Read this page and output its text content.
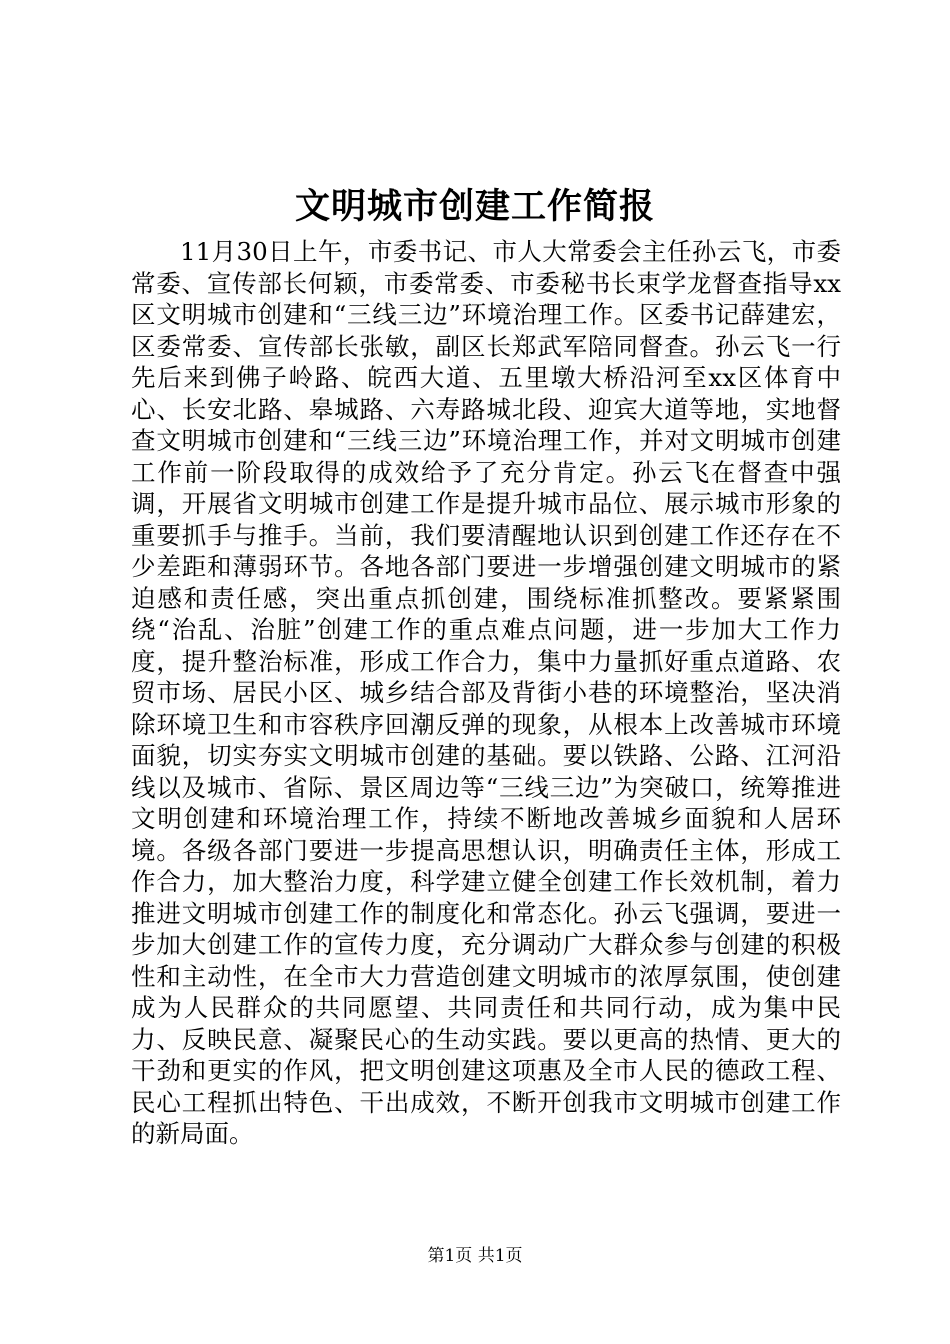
文明城市创建工作简报

11月30日上午，市委书记、市人大常委会主任孙云飞，市委常委、宣传部长何颖，市委常委、市委秘书长束学龙督查指导xx区文明城市创建和“三线三边”环境治理工作。区委书记薛建宏，区委常委、宣传部长张敏，副区长郑武军陪同督查。孙云飞一行先后来到佛子岭路、皖西大道、五里墩大桥沿河至xx区体育中心、长安北路、皋城路、六寿路城北段、迎宾大道等地，实地督查文明城市创建和“三线三边”环境治理工作，并对文明城市创建工作前一阶段取得的成效给予了充分肯定。孙云飞在督查中强调，开展省文明城市创建工作是提升城市品位、展示城市形象的重要抓手与推手。当前，我们要清醒地认识到创建工作还存在不少差距和薄弱环节。各地各部门要进一步增强创建文明城市的紧迫感和责任感，突出重点抓创建，围绕标准抓整改。要紧紧围绕“治乱、治脏”创建工作的重点难点问题，进一步加大工作力度，提升整治标准，形成工作合力，集中力量抓好重点道路、农贸市场、居民小区、城乡结合部及背街小巷的环境整治，坚决消除环境卫生和市容秩序回潮反弹的现象，从根本上改善城市环境面貌，切实夯实文明城市创建的基础。要以铁路、公路、江河沿线以及城市、省际、景区周边等“三线三边”为突破口，统筹推进文明创建和环境治理工作，持续不断地改善城乡面貌和人居环境。各级各部门要进一步提高思想认识，明确责任主体，形成工作合力，加大整治力度，科学建立健全创建工作长效机制，着力推进文明城市创建工作的制度化和常态化。孙云飞强调，要进一步加大创建工作的宣传力度，充分调动广大群众参与创建的积极性和主动性，在全市大力营造创建文明城市的浓厚氛围，使创建成为人民群众的共同愿望、共同责任和共同行动，成为集中民力、反映民意、凝聚民心的生动实践。要以更高的热情、更大的干劲和更实的作风，把文明创建这项惠及全市人民的德政工程、民心工程抓出特色、干出成效，不断开创我市文明城市创建工作的新局面。

第1页 共1页
